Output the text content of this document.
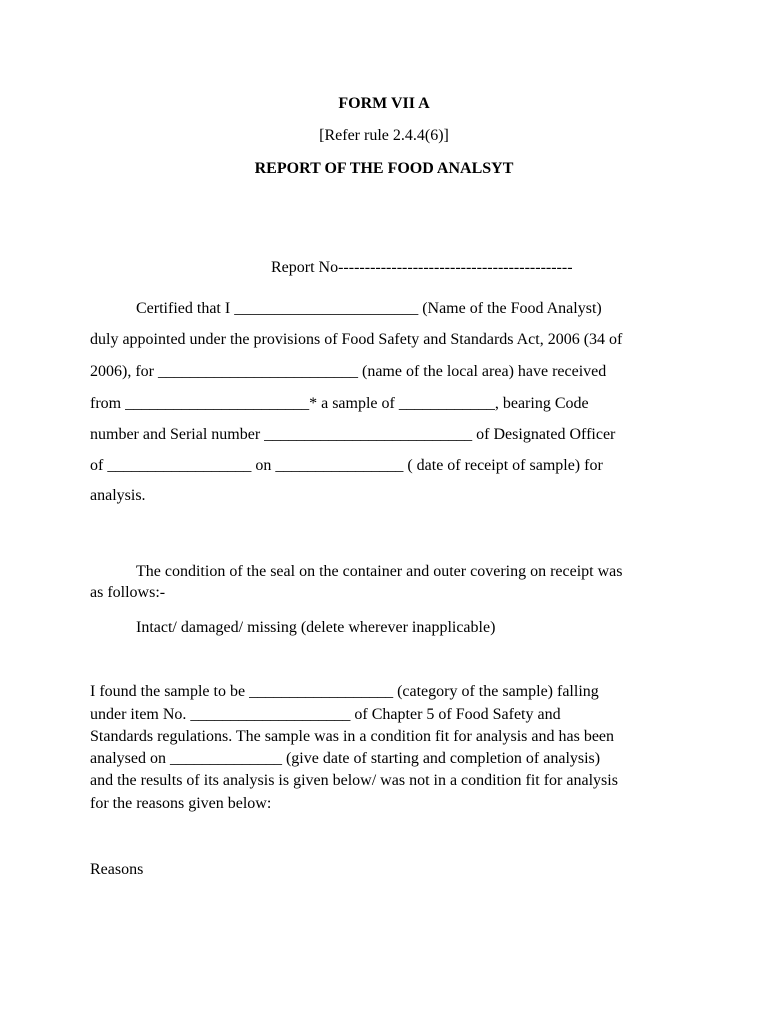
FORM VII A
[Refer rule 2.4.4(6)]
REPORT OF THE FOOD ANALSYT
Report No--------------------------------------------
Certified that I _______________________ (Name of the Food Analyst)
duly appointed under the provisions of Food Safety and Standards Act, 2006 (34 of
2006), for _________________________ (name of the local area) have received
from _______________________* a sample of ____________, bearing Code
number and Serial number __________________________ of Designated Officer
of __________________ on ________________ ( date of receipt of sample) for
analysis.
The condition of the seal on the container and outer covering on receipt was
as follows:-
Intact/ damaged/ missing (delete wherever inapplicable)
I found the sample to be __________________ (category of the sample) falling
under item No. ____________________ of Chapter 5 of Food Safety and
Standards regulations. The sample was in a condition fit for analysis and has been
analysed on ______________ (give date of starting and completion of analysis)
and the results of its analysis is given below/ was not in a condition fit for analysis
for the reasons given below:
Reasons
